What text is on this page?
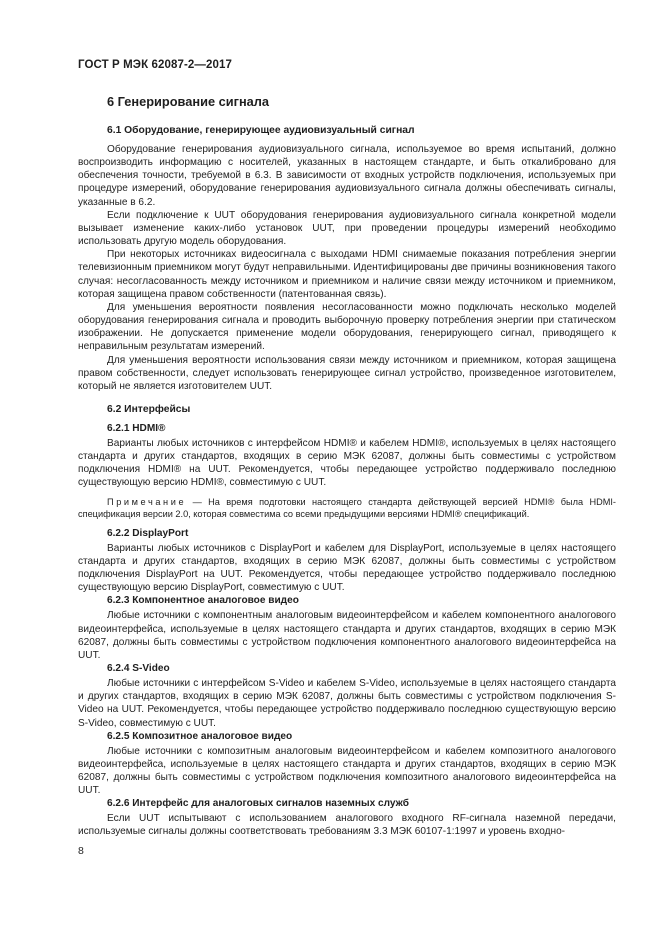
ГОСТ Р МЭК 62087-2—2017
6 Генерирование сигнала
6.1 Оборудование, генерирующее аудиовизуальный сигнал

Оборудование генерирования аудиовизуального сигнала, используемое во время испытаний, должно воспроизводить информацию с носителей, указанных в настоящем стандарте, и быть откалибровано для обеспечения точности, требуемой в 6.3. В зависимости от входных устройств подключения, используемых при процедуре измерений, оборудование генерирования аудиовизуального сигнала должны обеспечивать сигналы, указанные в 6.2.

Если подключение к UUT оборудования генерирования аудиовизуального сигнала конкретной модели вызывает изменение каких-либо установок UUT, при проведении процедуры измерений необходимо использовать другую модель оборудования.

При некоторых источниках видеосигнала с выходами HDMI снимаемые показания потребления энергии телевизионным приемником могут будут неправильными. Идентифицированы две причины возникновения такого случая: несогласованность между источником и приемником и наличие связи между источником и приемником, которая защищена правом собственности (патентованная связь).

Для уменьшения вероятности появления несогласованности можно подключать несколько моделей оборудования генерирования сигнала и проводить выборочную проверку потребления энергии при статическом изображении. Не допускается применение модели оборудования, генерирующего сигнал, приводящего к неправильным результатам измерений.

Для уменьшения вероятности использования связи между источником и приемником, которая защищена правом собственности, следует использовать генерирующее сигнал устройство, произведенное изготовителем, который не является изготовителем UUT.

6.2 Интерфейсы
6.2.1 HDMI®

Варианты любых источников с интерфейсом HDMI® и кабелем HDMI®, используемых в целях настоящего стандарта и других стандартов, входящих в серию МЭК 62087, должны быть совместимы с устройством подключения HDMI® на UUT. Рекомендуется, чтобы передающее устройство поддерживало последнюю существующую версию HDMI®, совместимую с UUT.

Примечание — На время подготовки настоящего стандарта действующей версией HDMI® была HDMI-спецификация версии 2.0, которая совместима со всеми предыдущими версиями HDMI® спецификаций.
6.2.2 DisplayPort

Варианты любых источников с DisplayPort и кабелем для DisplayPort, используемые в целях настоящего стандарта и других стандартов, входящих в серию МЭК 62087, должны быть совместимы с устройством подключения DisplayPort на UUT. Рекомендуется, чтобы передающее устройство поддерживало последнюю существующую версию DisplayPort, совместимую с UUT.

6.2.3 Компонентное аналоговое видео

Любые источники с компонентным аналоговым видеоинтерфейсом и кабелем компонентного аналогового видеоинтерфейса, используемые в целях настоящего стандарта и других стандартов, входящих в серию МЭК 62087, должны быть совместимы с устройством подключения компонентного аналогового видеоинтерфейса на UUT.

6.2.4 S-Video

Любые источники с интерфейсом S-Video и кабелем S-Video, используемые в целях настоящего стандарта и других стандартов, входящих в серию МЭК 62087, должны быть совместимы с устройством подключения S-Video на UUT. Рекомендуется, чтобы передающее устройство поддерживало последнюю существующую версию S-Video, совместимую с UUT.

6.2.5 Композитное аналоговое видео

Любые источники с композитным аналоговым видеоинтерфейсом и кабелем композитного аналогового видеоинтерфейса, используемые в целях настоящего стандарта и других стандартов, входящих в серию МЭК 62087, должны быть совместимы с устройством подключения композитного аналогового видеоинтерфейса на UUT.

6.2.6 Интерфейс для аналоговых сигналов наземных служб

Если UUT испытывают с использованием аналогового входного RF-сигнала наземной передачи, используемые сигналы должны соответствовать требованиям 3.3 МЭК 60107-1:1997 и уровень входно-

8
